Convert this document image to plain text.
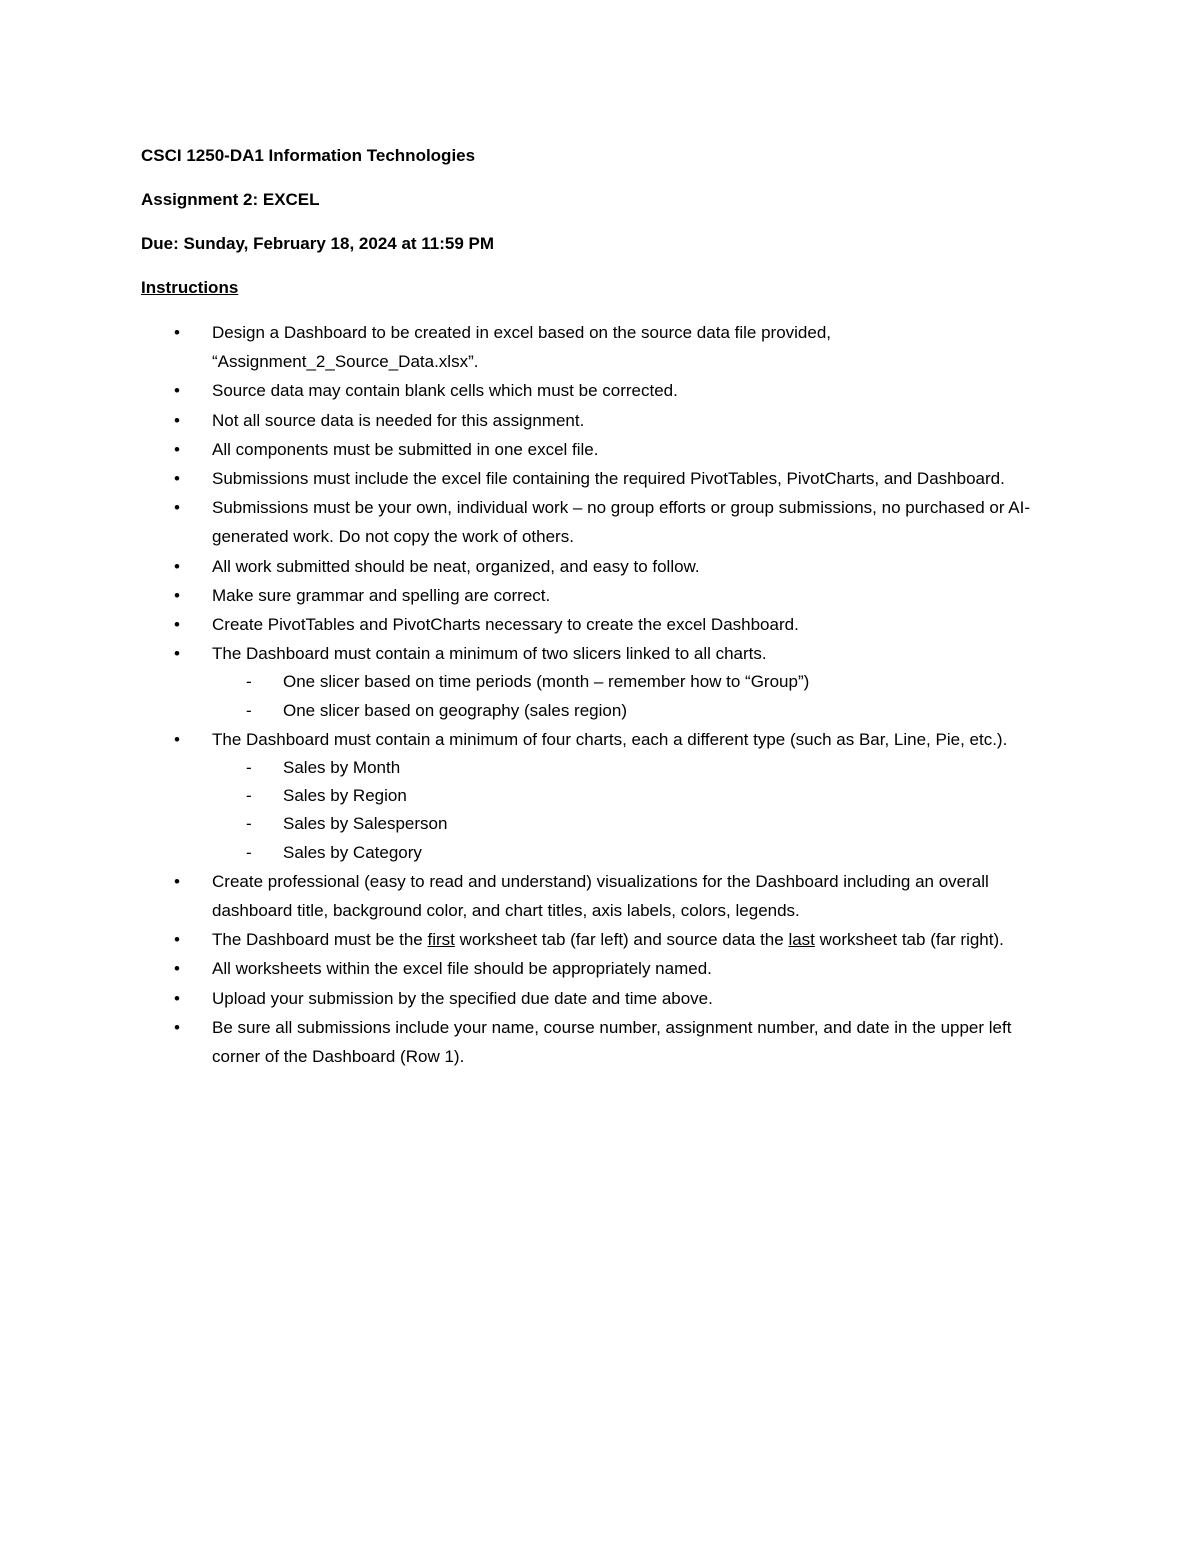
CSCI 1250-DA1 Information Technologies
Assignment 2: EXCEL
Due: Sunday, February 18, 2024 at 11:59 PM
Instructions
• Design a Dashboard to be created in excel based on the source data file provided, “Assignment_2_Source_Data.xlsx”.
• Source data may contain blank cells which must be corrected.
• Not all source data is needed for this assignment.
• All components must be submitted in one excel file.
• Submissions must include the excel file containing the required PivotTables, PivotCharts, and Dashboard.
• Submissions must be your own, individual work – no group efforts or group submissions, no purchased or AI-generated work. Do not copy the work of others.
• All work submitted should be neat, organized, and easy to follow.
• Make sure grammar and spelling are correct.
• Create PivotTables and PivotCharts necessary to create the excel Dashboard.
• The Dashboard must contain a minimum of two slicers linked to all charts.
- One slicer based on time periods (month – remember how to “Group”)
- One slicer based on geography (sales region)
• The Dashboard must contain a minimum of four charts, each a different type (such as Bar, Line, Pie, etc.).
- Sales by Month
- Sales by Region
- Sales by Salesperson
- Sales by Category
• Create professional (easy to read and understand) visualizations for the Dashboard including an overall dashboard title, background color, and chart titles, axis labels, colors, legends.
• The Dashboard must be the first worksheet tab (far left) and source data the last worksheet tab (far right).
• All worksheets within the excel file should be appropriately named.
• Upload your submission by the specified due date and time above.
• Be sure all submissions include your name, course number, assignment number, and date in the upper left corner of the Dashboard (Row 1).
